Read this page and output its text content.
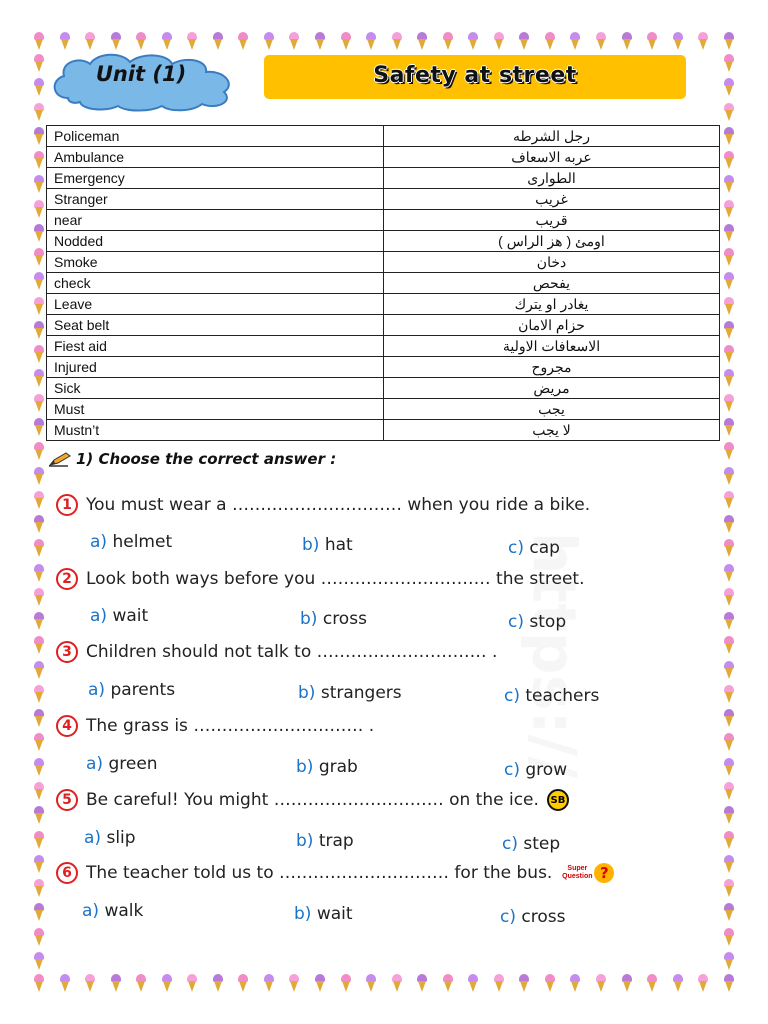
Unit (1)	Safety at street
Policeman	رجل الشرطه
Ambulance	عربه الاسعاف
Emergency	الطوارى
Stranger	غريب
near	قريب
Nodded	اومئ ( هز الراس )
Smoke	دخان
check	يفحص
Leave	يغادر او يترك
Seat belt	حزام الامان
Fiest aid	الاسعافات الاولية
Injured	مجروح
Sick	مريض
Must	يجب
Mustn’t	لا يجب
1) Choose the correct answer :
1 You must wear a ………………………… when you ride a bike.
a) helmet	b) hat	c) cap
2 Look both ways before you ………………………… the street.
a) wait	b) cross	c) stop
3 Children should not talk to ………………………… .
a) parents	b) strangers	c) teachers
4 The grass is ………………………… .
a) green	b) grab	c) grow
5 Be careful! You might ………………………… on the ice.	SB
a) slip	b) trap	c) step
6 The teacher told us to ………………………… for the bus.	Super Question ?
a) walk	b) wait	c) cross
